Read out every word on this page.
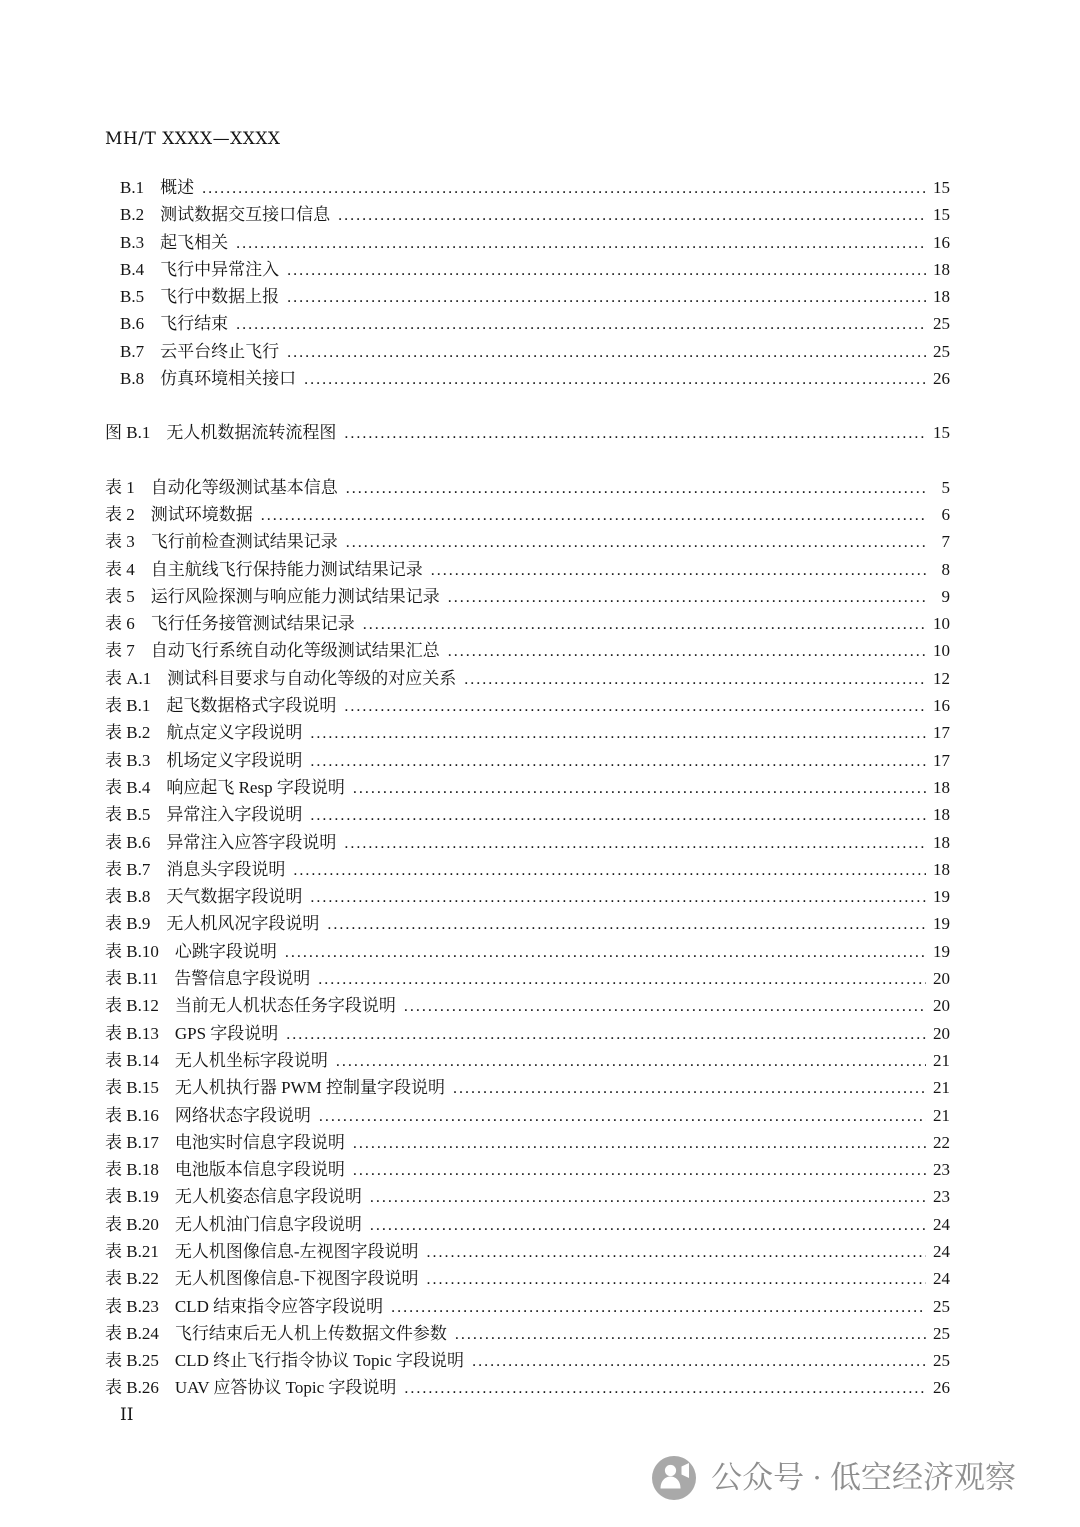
MH/T XXXX—XXXX
B.1 概述 .....	15
B.2 测试数据交互接口信息 .....	15
B.3 起飞相关 .....	16
B.4 飞行中异常注入 .....	18
B.5 飞行中数据上报 .....	18
B.6 飞行结束 .....	25
B.7 云平台终止飞行 .....	25
B.8 仿真环境相关接口 .....	26
图 B.1 无人机数据流转流程图 .....	15
表 1 自动化等级测试基本信息 .....	5
表 2 测试环境数据 .....	6
表 3 飞行前检查测试结果记录 .....	7
表 4 自主航线飞行保持能力测试结果记录 .....	8
表 5 运行风险探测与响应能力测试结果记录 .....	9
表 6 飞行任务接管测试结果记录 .....	10
表 7 自动飞行系统自动化等级测试结果汇总 .....	10
表 A.1 测试科目要求与自动化等级的对应关系 .....	12
表 B.1 起飞数据格式字段说明 .....	16
表 B.2 航点定义字段说明 .....	17
表 B.3 机场定义字段说明 .....	17
表 B.4 响应起飞 Resp 字段说明 .....	18
表 B.5 异常注入字段说明 .....	18
表 B.6 异常注入应答字段说明 .....	18
表 B.7 消息头字段说明 .....	18
表 B.8 天气数据字段说明 .....	19
表 B.9 无人机风况字段说明 .....	19
表 B.10 心跳字段说明 .....	19
表 B.11 告警信息字段说明 .....	20
表 B.12 当前无人机状态任务字段说明 .....	20
表 B.13 GPS 字段说明 .....	20
表 B.14 无人机坐标字段说明 .....	21
表 B.15 无人机执行器 PWM 控制量字段说明 .....	21
表 B.16 网络状态字段说明 .....	21
表 B.17 电池实时信息字段说明 .....	22
表 B.18 电池版本信息字段说明 .....	23
表 B.19 无人机姿态信息字段说明 .....	23
表 B.20 无人机油门信息字段说明 .....	24
表 B.21 无人机图像信息-左视图字段说明 .....	24
表 B.22 无人机图像信息-下视图字段说明 .....	24
表 B.23 CLD 结束指令应答字段说明 .....	25
表 B.24 飞行结束后无人机上传数据文件参数 .....	25
表 B.25 CLD 终止飞行指令协议 Topic 字段说明 .....	25
表 B.26 UAV 应答协议 Topic 字段说明 .....	26
II
公众号 · 低空经济观察
